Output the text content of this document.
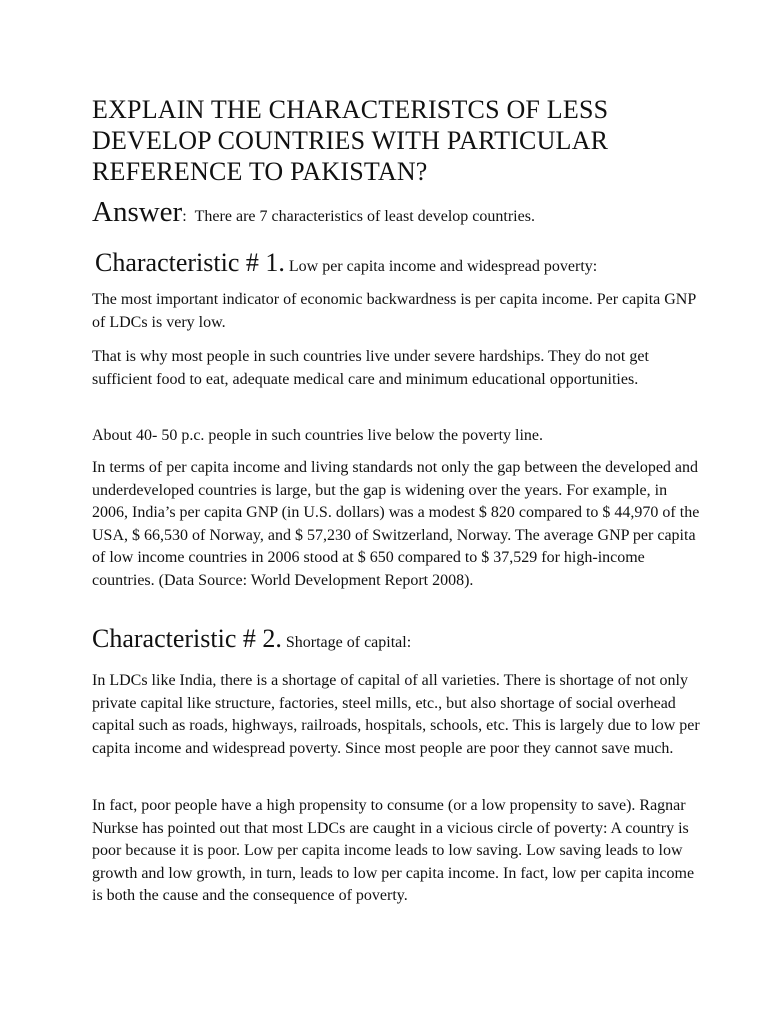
EXPLAIN THE CHARACTERISTCS OF LESS DEVELOP COUNTRIES WITH PARTICULAR REFERENCE TO PAKISTAN?

Answer: There are 7 characteristics of least develop countries.

Characteristic # 1. Low per capita income and widespread poverty:

The most important indicator of economic backwardness is per capita income. Per capita GNP of LDCs is very low.

That is why most people in such countries live under severe hardships. They do not get sufficient food to eat, adequate medical care and minimum educational opportunities.

About 40- 50 p.c. people in such countries live below the poverty line.

In terms of per capita income and living standards not only the gap between the developed and underdeveloped countries is large, but the gap is widening over the years. For example, in 2006, India’s per capita GNP (in U.S. dollars) was a modest $ 820 compared to $ 44,970 of the USA, $ 66,530 of Norway, and $ 57,230 of Switzerland, Norway. The average GNP per capita of low income countries in 2006 stood at $ 650 compared to $ 37,529 for high-income countries. (Data Source: World Development Report 2008).

Characteristic # 2. Shortage of capital:

In LDCs like India, there is a shortage of capital of all varieties. There is shortage of not only private capital like structure, factories, steel mills, etc., but also shortage of social overhead capital such as roads, highways, railroads, hospitals, schools, etc. This is largely due to low per capita income and widespread poverty. Since most people are poor they cannot save much.

In fact, poor people have a high propensity to consume (or a low propensity to save). Ragnar Nurkse has pointed out that most LDCs are caught in a vicious circle of poverty: A country is poor because it is poor. Low per capita income leads to low saving. Low saving leads to low growth and low growth, in turn, leads to low per capita income. In fact, low per capita income is both the cause and the consequence of poverty.
